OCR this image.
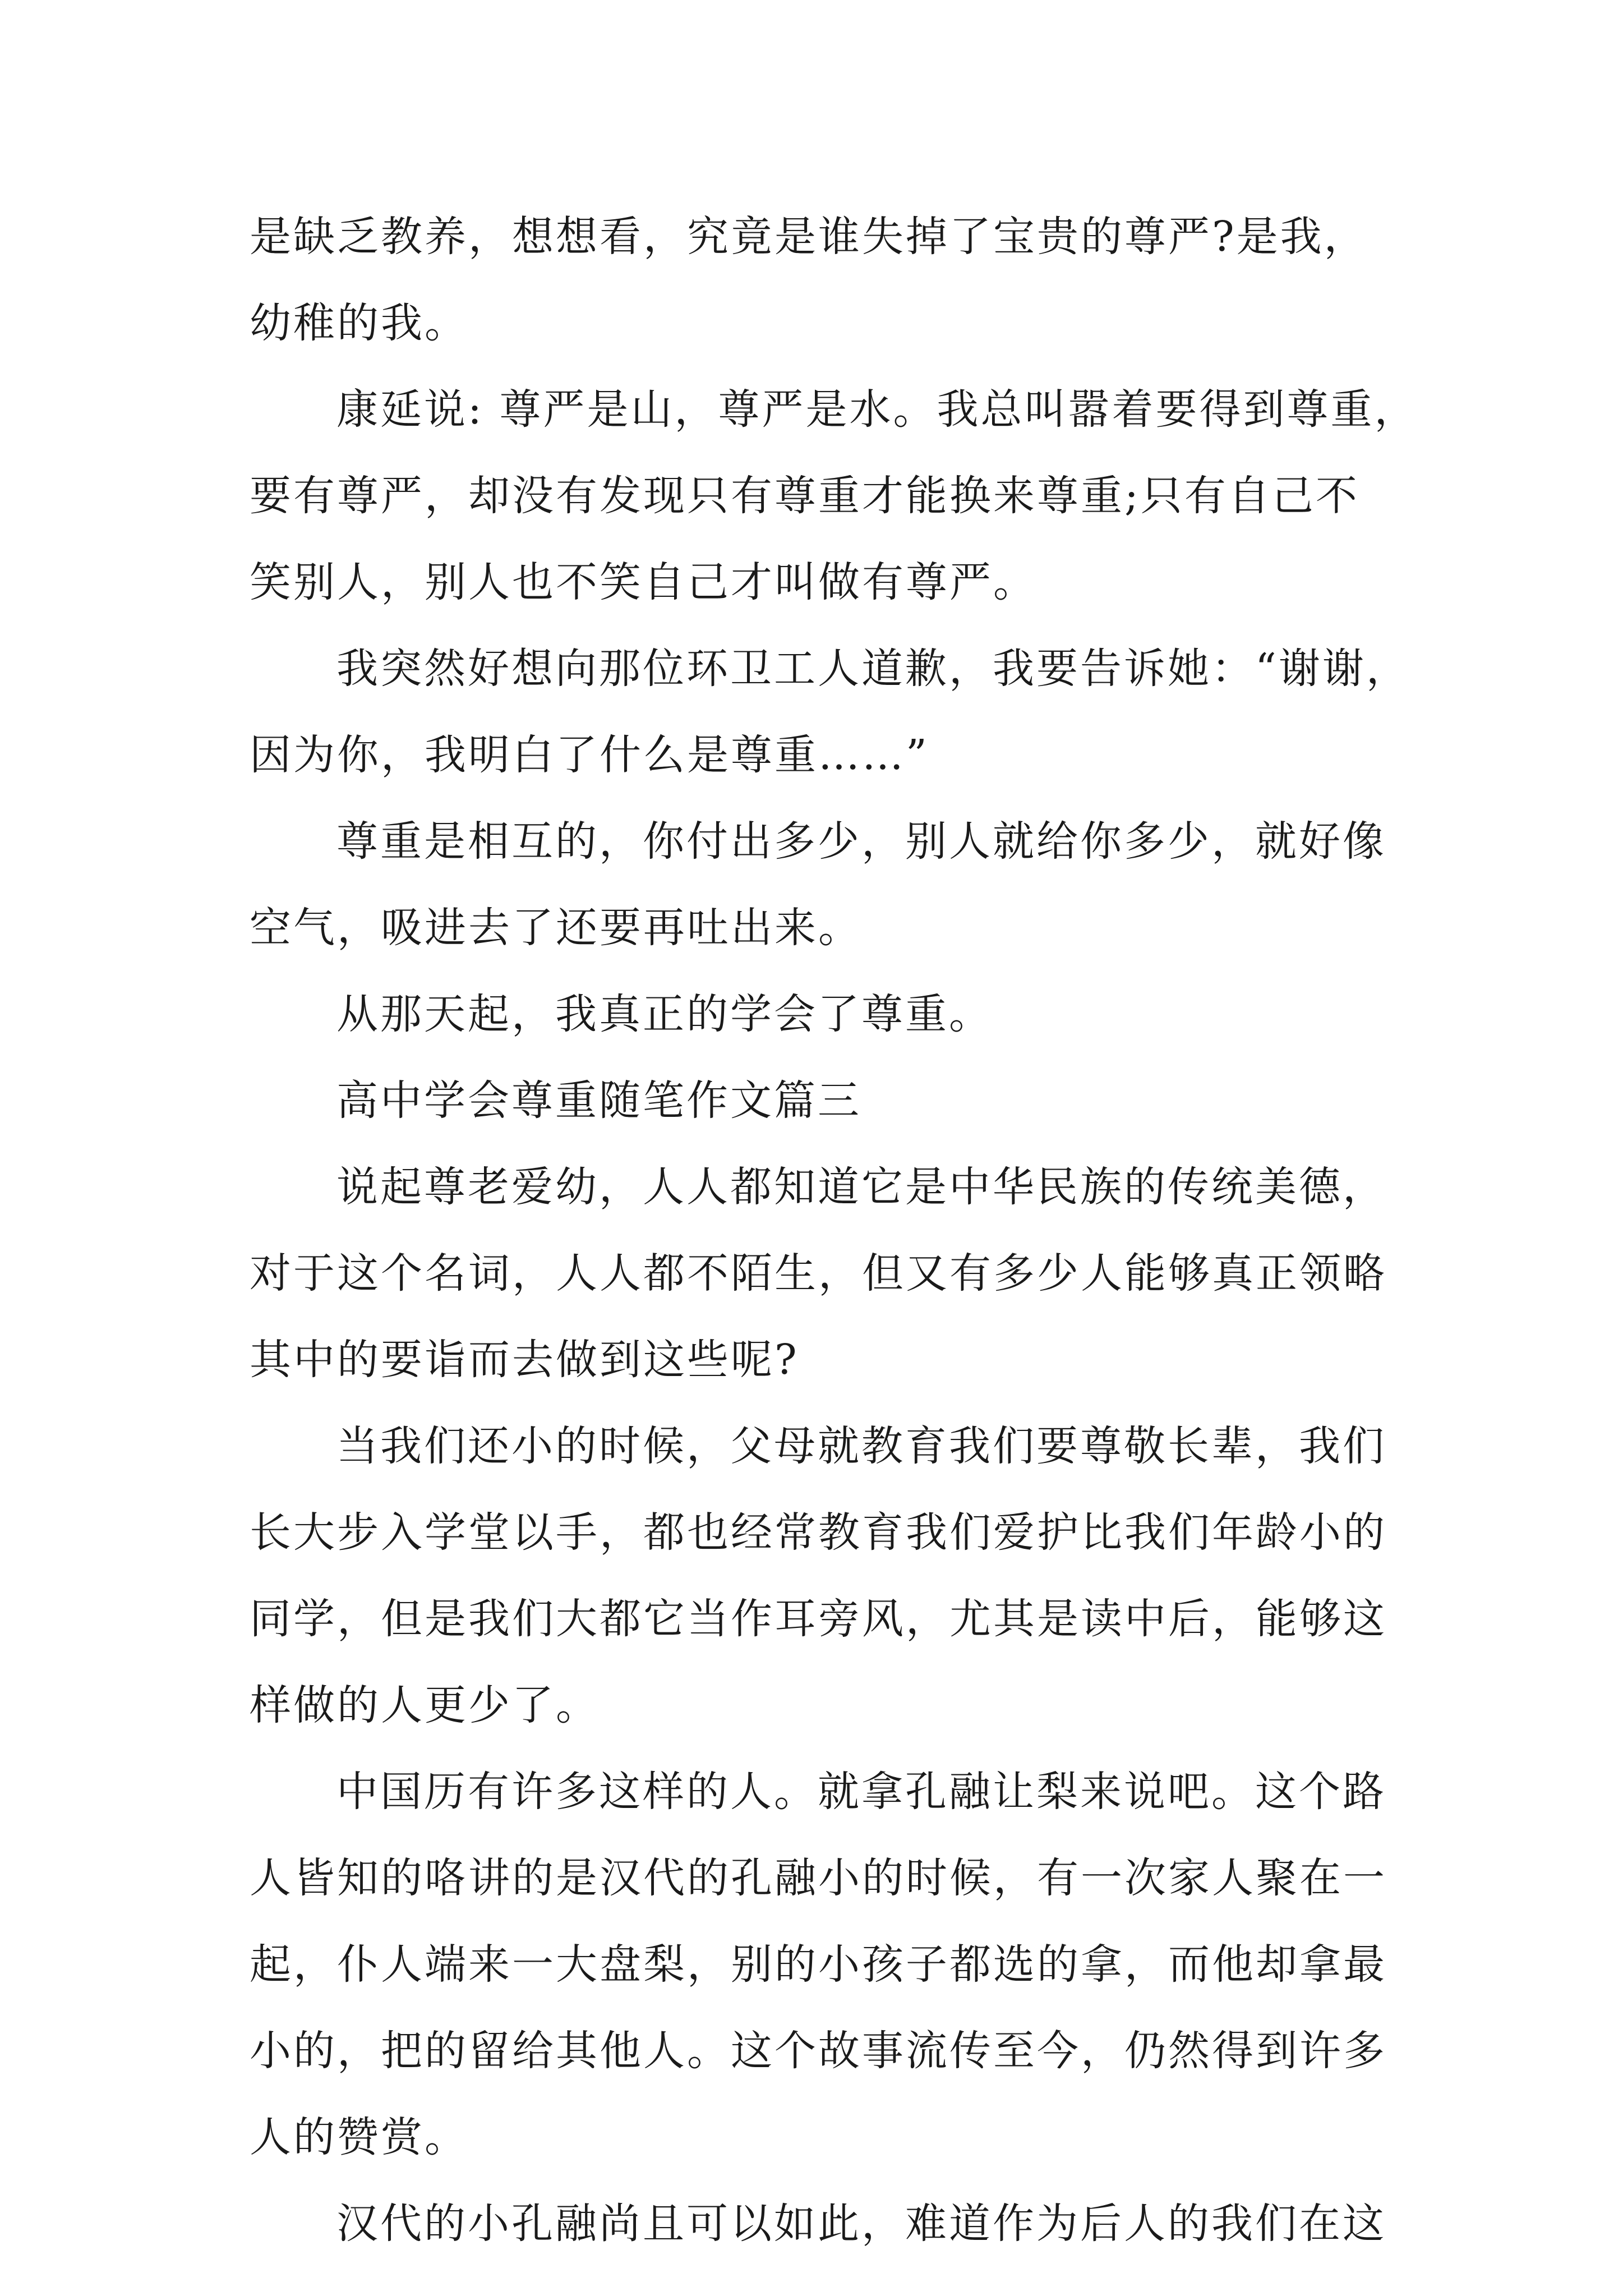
是缺乏教养，想想看，究竟是谁失掉了宝贵的尊严?是我，
幼稚的我。
康延说: 尊严是山，尊严是水。我总叫嚣着要得到尊重，
要有尊严，却没有发现只有尊重才能换来尊重;只有自己不
笑别人，别人也不笑自己才叫做有尊严。
我突然好想向那位环卫工人道歉，我要告诉她：“谢谢，
因为你，我明白了什么是尊重……”
尊重是相互的，你付出多少，别人就给你多少，就好像
空气，吸进去了还要再吐出来。
从那天起，我真正的学会了尊重。
高中学会尊重随笔作文篇三
说起尊老爱幼，人人都知道它是中华民族的传统美德，
对于这个名词，人人都不陌生，但又有多少人能够真正领略
其中的要诣而去做到这些呢?
当我们还小的时候，父母就教育我们要尊敬长辈，我们
长大步入学堂以手，都也经常教育我们爱护比我们年龄小的
同学，但是我们大都它当作耳旁风，尤其是读中后，能够这
样做的人更少了。
中国历有许多这样的人。就拿孔融让梨来说吧。这个路
人皆知的咯讲的是汉代的孔融小的时候，有一次家人聚在一
起，仆人端来一大盘梨，别的小孩子都选的拿，而他却拿最
小的，把的留给其他人。这个故事流传至今，仍然得到许多
人的赞赏。
汉代的小孔融尚且可以如此，难道作为后人的我们在这
